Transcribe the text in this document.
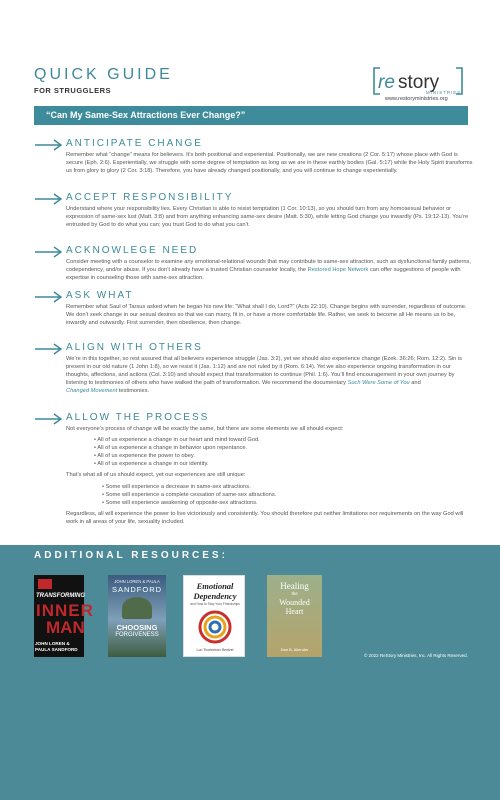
QUICK GUIDE
FOR STRUGGLERS	re story
MINISTRIES
www.restoryministries.org
“Can My Same-Sex Attractions Ever Change?”
ANTICIPATE CHANGE
Remember what “change” means for believers. It’s both positional and experiential. Positionally, we are new creations (2 Cor. 5:17) whose place with God is secure (Eph. 2:6). Experientially, we struggle with some degree of temptation as long as we are in these earthly bodies (Gal. 5:17) while the Holy Spirit transforms us from glory to glory (2 Cor. 3:18). Therefore, you have already changed positionally, and you will continue to change experientially.
ACCEPT RESPONSIBILITY
Understand where your responsibility lies. Every Christian is able to resist temptation (1 Cor. 10:13), so you should turn from any homosexual behavior or expression of same-sex lust (Matt. 3:8) and from anything enhancing same-sex desire (Matt. 5:30), while letting God change you inwardly (Ps. 19:12-13). You’re entrusted by God to do what you can; you trust God to do what you can’t.
ACKNOWLEGE NEED
Consider meeting with a counselor to examine any emotional-relational wounds that may contribute to same-sex attraction, such as dysfunctional family patterns, codependency, and/or abuse. If you don’t already have a trusted Christian counselor locally, the Restored Hope Network can offer suggestions of people with expertise in counseling those with same-sex attraction.
ASK WHAT
Remember what Saul of Tarsus asked when he began his new life: “What shall I do, Lord?” (Acts 22:10). Change begins with surrender, regardless of outcome. We don’t seek change in our sexual desires so that we can marry, fit in, or have a more comfortable life. Rather, we seek to become all He means us to be, inwardly and outwardly. First surrender, then obedience, then change.
ALIGN WITH OTHERS
We’re in this together, so rest assured that all believers experience struggle (Jas. 3:2), yet we should also experience change (Ezek. 36:26; Rom. 12:2). Sin is present in our old nature (1 John 1:8), so we resist it (Jas. 1:12) and are not ruled by it (Rom. 6:14). Yet we also experience ongoing transformation in our thoughts, affections, and actions (Col. 3:10) and should expect that transformation to continue (Phil. 1:6). You’ll find encouragement in your own journey by listening to testimonies of others who have walked the path of transformation. We recommend the documentary Such Were Some of You and
Changed Movement testimonies.
ALLOW THE PROCESS
Not everyone’s process of change will be exactly the same, but there are some elements we all should expect:
• All of us experience a change in our heart and mind toward God.
• All of us experience a change in behavior upon repentance.
• All of us experience the power to obey.
• All of us experience a change in our identity.
That’s what all of us should expect, yet our experiences are still unique:
• Some will experience a decrease in same-sex attractions.
• Some will experience a complete cessation of same-sex attractions.
• Some will experience awakening of opposite-sex attractions.
Regardless, all will experience the power to live victoriously and consistently. You should therefore put neither limitations nor requirements on the way God will work in all areas of your life, sexuality included.
ADDITIONAL RESOURCES:
TRANSFORMING
INNER
MAN
JOHN LOREN & PAULA SANDFORD
JOHN LOREN & PAULA
SANDFORD
CHOOSING
FORGIVENESS
Emotional
Dependency
and How to Stop Your Friendships
Lori Thorkelson Rentzel
Healing
the
Wounded
Heart
Dan B. Allender
© 2022 ReStory Ministries, Inc. All Rights Reserved.
